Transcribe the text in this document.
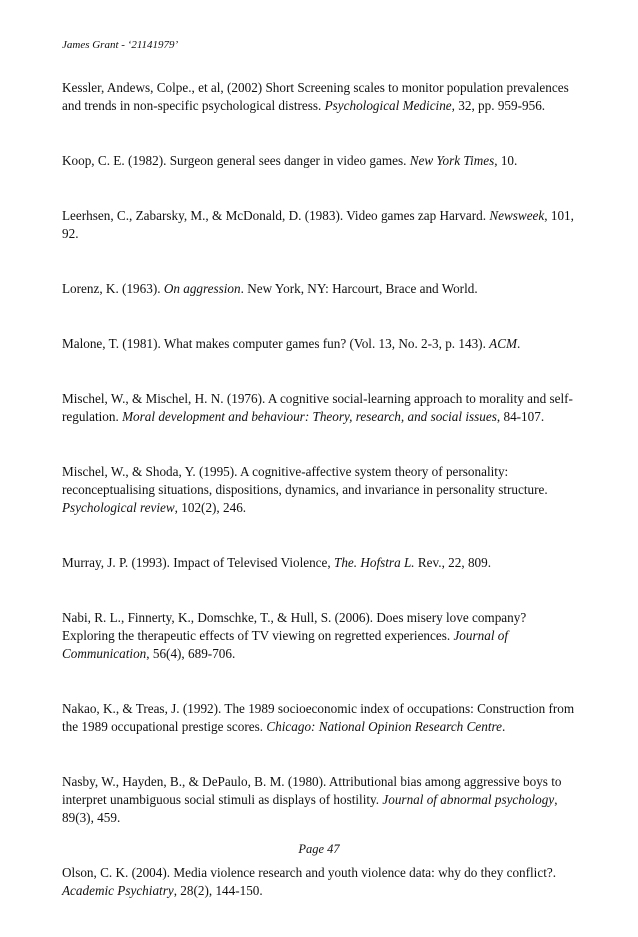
James Grant - ‘21141979’

Kessler, Andews, Colpe., et al, (2002) Short Screening scales to monitor population prevalences and trends in non-specific psychological distress. Psychological Medicine, 32, pp. 959-956.

Koop, C. E. (1982). Surgeon general sees danger in video games. New York Times, 10.

Leerhsen, C., Zabarsky, M., & McDonald, D. (1983). Video games zap Harvard. Newsweek, 101, 92.

Lorenz, K. (1963). On aggression. New York, NY: Harcourt, Brace and World.

Malone, T. (1981). What makes computer games fun? (Vol. 13, No. 2-3, p. 143). ACM.

Mischel, W., & Mischel, H. N. (1976). A cognitive social-learning approach to morality and self-regulation. Moral development and behaviour: Theory, research, and social issues, 84-107.

Mischel, W., & Shoda, Y. (1995). A cognitive-affective system theory of personality: reconceptualising situations, dispositions, dynamics, and invariance in personality structure. Psychological review, 102(2), 246.

Murray, J. P. (1993). Impact of Televised Violence, The. Hofstra L. Rev., 22, 809.

Nabi, R. L., Finnerty, K., Domschke, T., & Hull, S. (2006). Does misery love company? Exploring the therapeutic effects of TV viewing on regretted experiences. Journal of Communication, 56(4), 689-706.

Nakao, K., & Treas, J. (1992). The 1989 socioeconomic index of occupations: Construction from the 1989 occupational prestige scores. Chicago: National Opinion Research Centre.

Nasby, W., Hayden, B., & DePaulo, B. M. (1980). Attributional bias among aggressive boys to interpret unambiguous social stimuli as displays of hostility. Journal of abnormal psychology, 89(3), 459.

Olson, C. K. (2004). Media violence research and youth violence data: why do they conflict?. Academic Psychiatry, 28(2), 144-150.

Page 47
